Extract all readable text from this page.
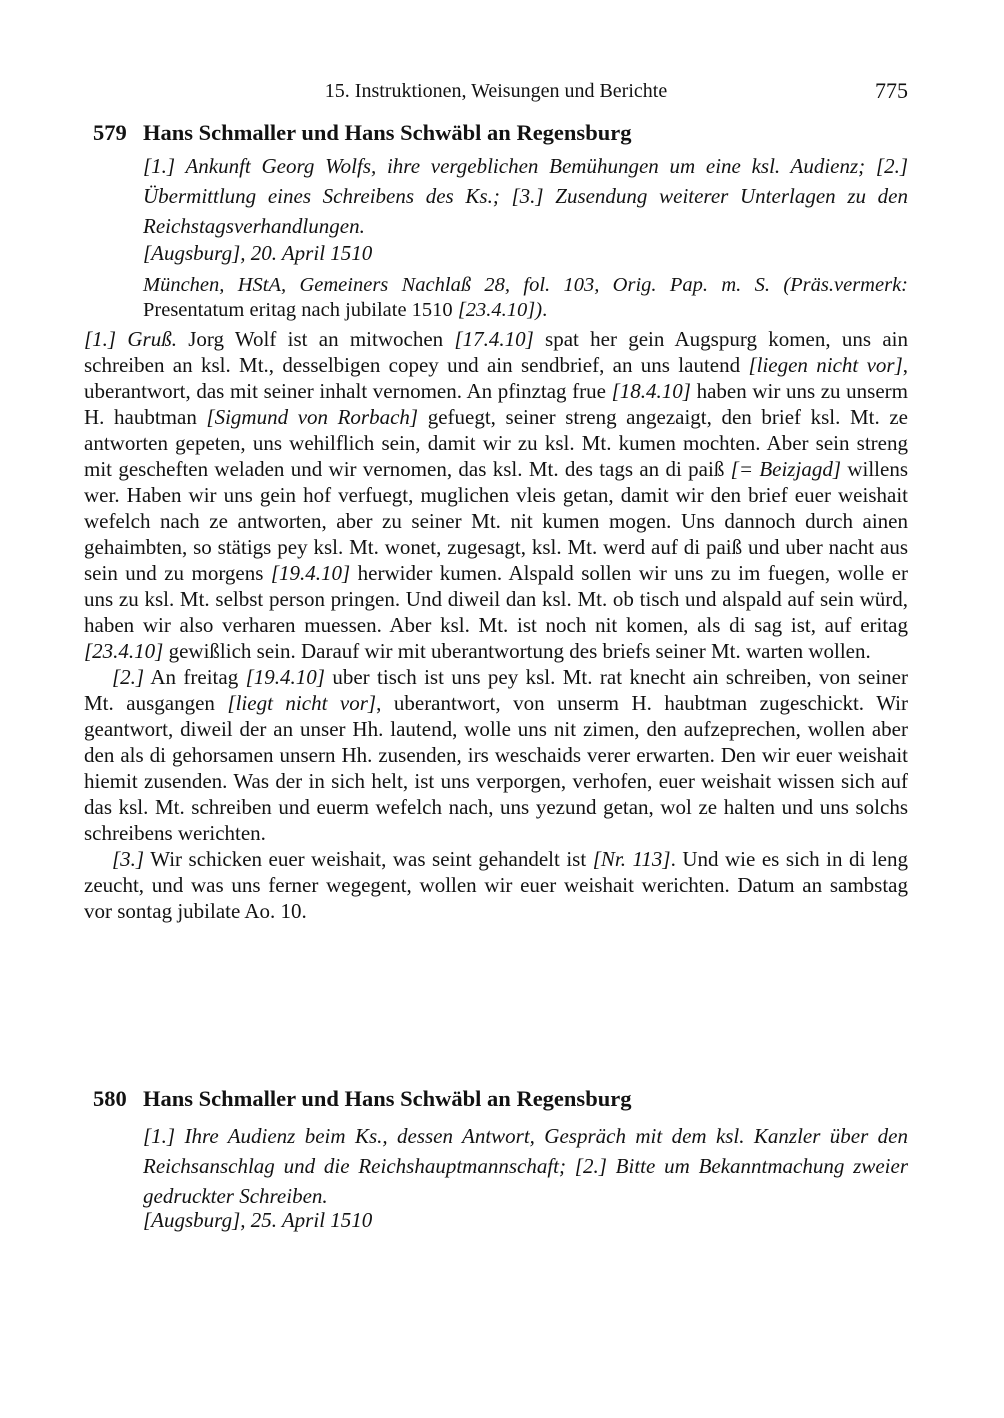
15. Instruktionen, Weisungen und Berichte	775
579 Hans Schmaller und Hans Schwäbl an Regensburg
[1.] Ankunft Georg Wolfs, ihre vergeblichen Bemühungen um eine ksl. Audienz; [2.] Übermittlung eines Schreibens des Ks.; [3.] Zusendung weiterer Unterlagen zu den Reichstagsverhandlungen.
[Augsburg], 20. April 1510
München, HStA, Gemeiners Nachlaß 28, fol. 103, Orig. Pap. m. S. (Präs.vermerk: Presentatum eritag nach jubilate 1510 [23.4.10]).

[1.] Gruß. Jorg Wolf ist an mitwochen [17.4.10] spat her gein Augspurg komen, uns ain schreiben an ksl. Mt., desselbigen copey und ain sendbrief, an uns lautend [liegen nicht vor], uberantwort, das mit seiner inhalt vernomen. An pfinztag frue [18.4.10] haben wir uns zu unserm H. haubtman [Sigmund von Rorbach] gefuegt, seiner streng angezaigt, den brief ksl. Mt. ze antworten gepeten, uns wehilflich sein, damit wir zu ksl. Mt. kumen mochten. Aber sein streng mit gescheften weladen und wir vernomen, das ksl. Mt. des tags an di paiß [= Beizjagd] willens wer. Haben wir uns gein hof verfuegt, muglichen vleis getan, damit wir den brief euer weishait wefelch nach ze antworten, aber zu seiner Mt. nit kumen mogen. Uns dannoch durch ainen gehaimbten, so stätigs pey ksl. Mt. wonet, zugesagt, ksl. Mt. werd auf di paiß und uber nacht aus sein und zu morgens [19.4.10] herwider kumen. Alspald sollen wir uns zu im fuegen, wolle er uns zu ksl. Mt. selbst person pringen. Und diweil dan ksl. Mt. ob tisch und alspald auf sein würd, haben wir also verharen muessen. Aber ksl. Mt. ist noch nit komen, als di sag ist, auf eritag [23.4.10] gewißlich sein. Darauf wir mit uberantwortung des briefs seiner Mt. warten wollen.

[2.] An freitag [19.4.10] uber tisch ist uns pey ksl. Mt. rat knecht ain schreiben, von seiner Mt. ausgangen [liegt nicht vor], uberantwort, von unserm H. haubtman zugeschickt. Wir geantwort, diweil der an unser Hh. lautend, wolle uns nit zimen, den aufzeprechen, wollen aber den als di gehorsamen unsern Hh. zusenden, irs weschaids verer erwarten. Den wir euer weishait hiemit zusenden. Was der in sich helt, ist uns verporgen, verhofen, euer weishait wissen sich auf das ksl. Mt. schreiben und euerm wefelch nach, uns yezund getan, wol ze halten und uns solchs schreibens werichten.

[3.] Wir schicken euer weishait, was seint gehandelt ist [Nr. 113]. Und wie es sich in di leng zeucht, und was uns ferner wegegent, wollen wir euer weishait werichten. Datum an sambstag vor sontag jubilate Ao. 10.

580 Hans Schmaller und Hans Schwäbl an Regensburg
[1.] Ihre Audienz beim Ks., dessen Antwort, Gespräch mit dem ksl. Kanzler über den Reichsanschlag und die Reichshauptmannschaft; [2.] Bitte um Bekanntmachung zweier gedruckter Schreiben.
[Augsburg], 25. April 1510
